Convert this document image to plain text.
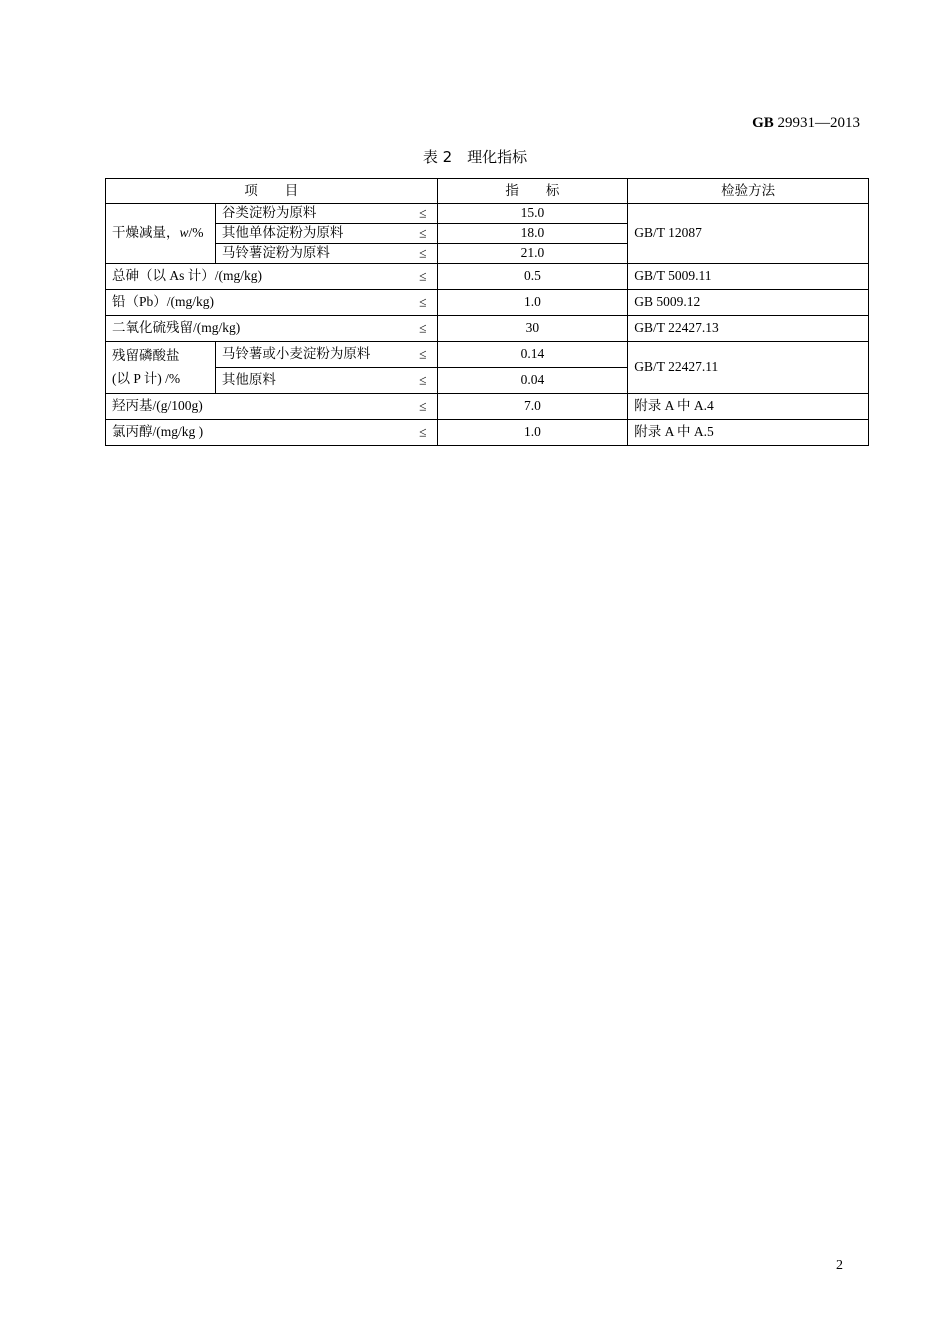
GB 29931—2013
表 2　理化指标
项　　目		指　　标	检验方法
干燥减量，w/%	谷类淀粉为原料 ≤	15.0	GB/T 12087
	其他单体淀粉为原料 ≤	18.0	
	马铃薯淀粉为原料 ≤	21.0	
总砷（以 As 计）/(mg/kg) ≤		0.5	GB/T 5009.11
铅（Pb）/(mg/kg) ≤		1.0	GB 5009.12
二氧化硫残留/(mg/kg) ≤		30	GB/T 22427.13
残留磷酸盐
(以 P 计) /%	马铃薯或小麦淀粉为原料 ≤	0.14	GB/T 22427.11
	其他原料 ≤	0.04	
羟丙基/(g/100g) ≤		7.0	附录 A 中 A.4
氯丙醇/(mg/kg ) ≤		1.0	附录 A 中 A.5
2
